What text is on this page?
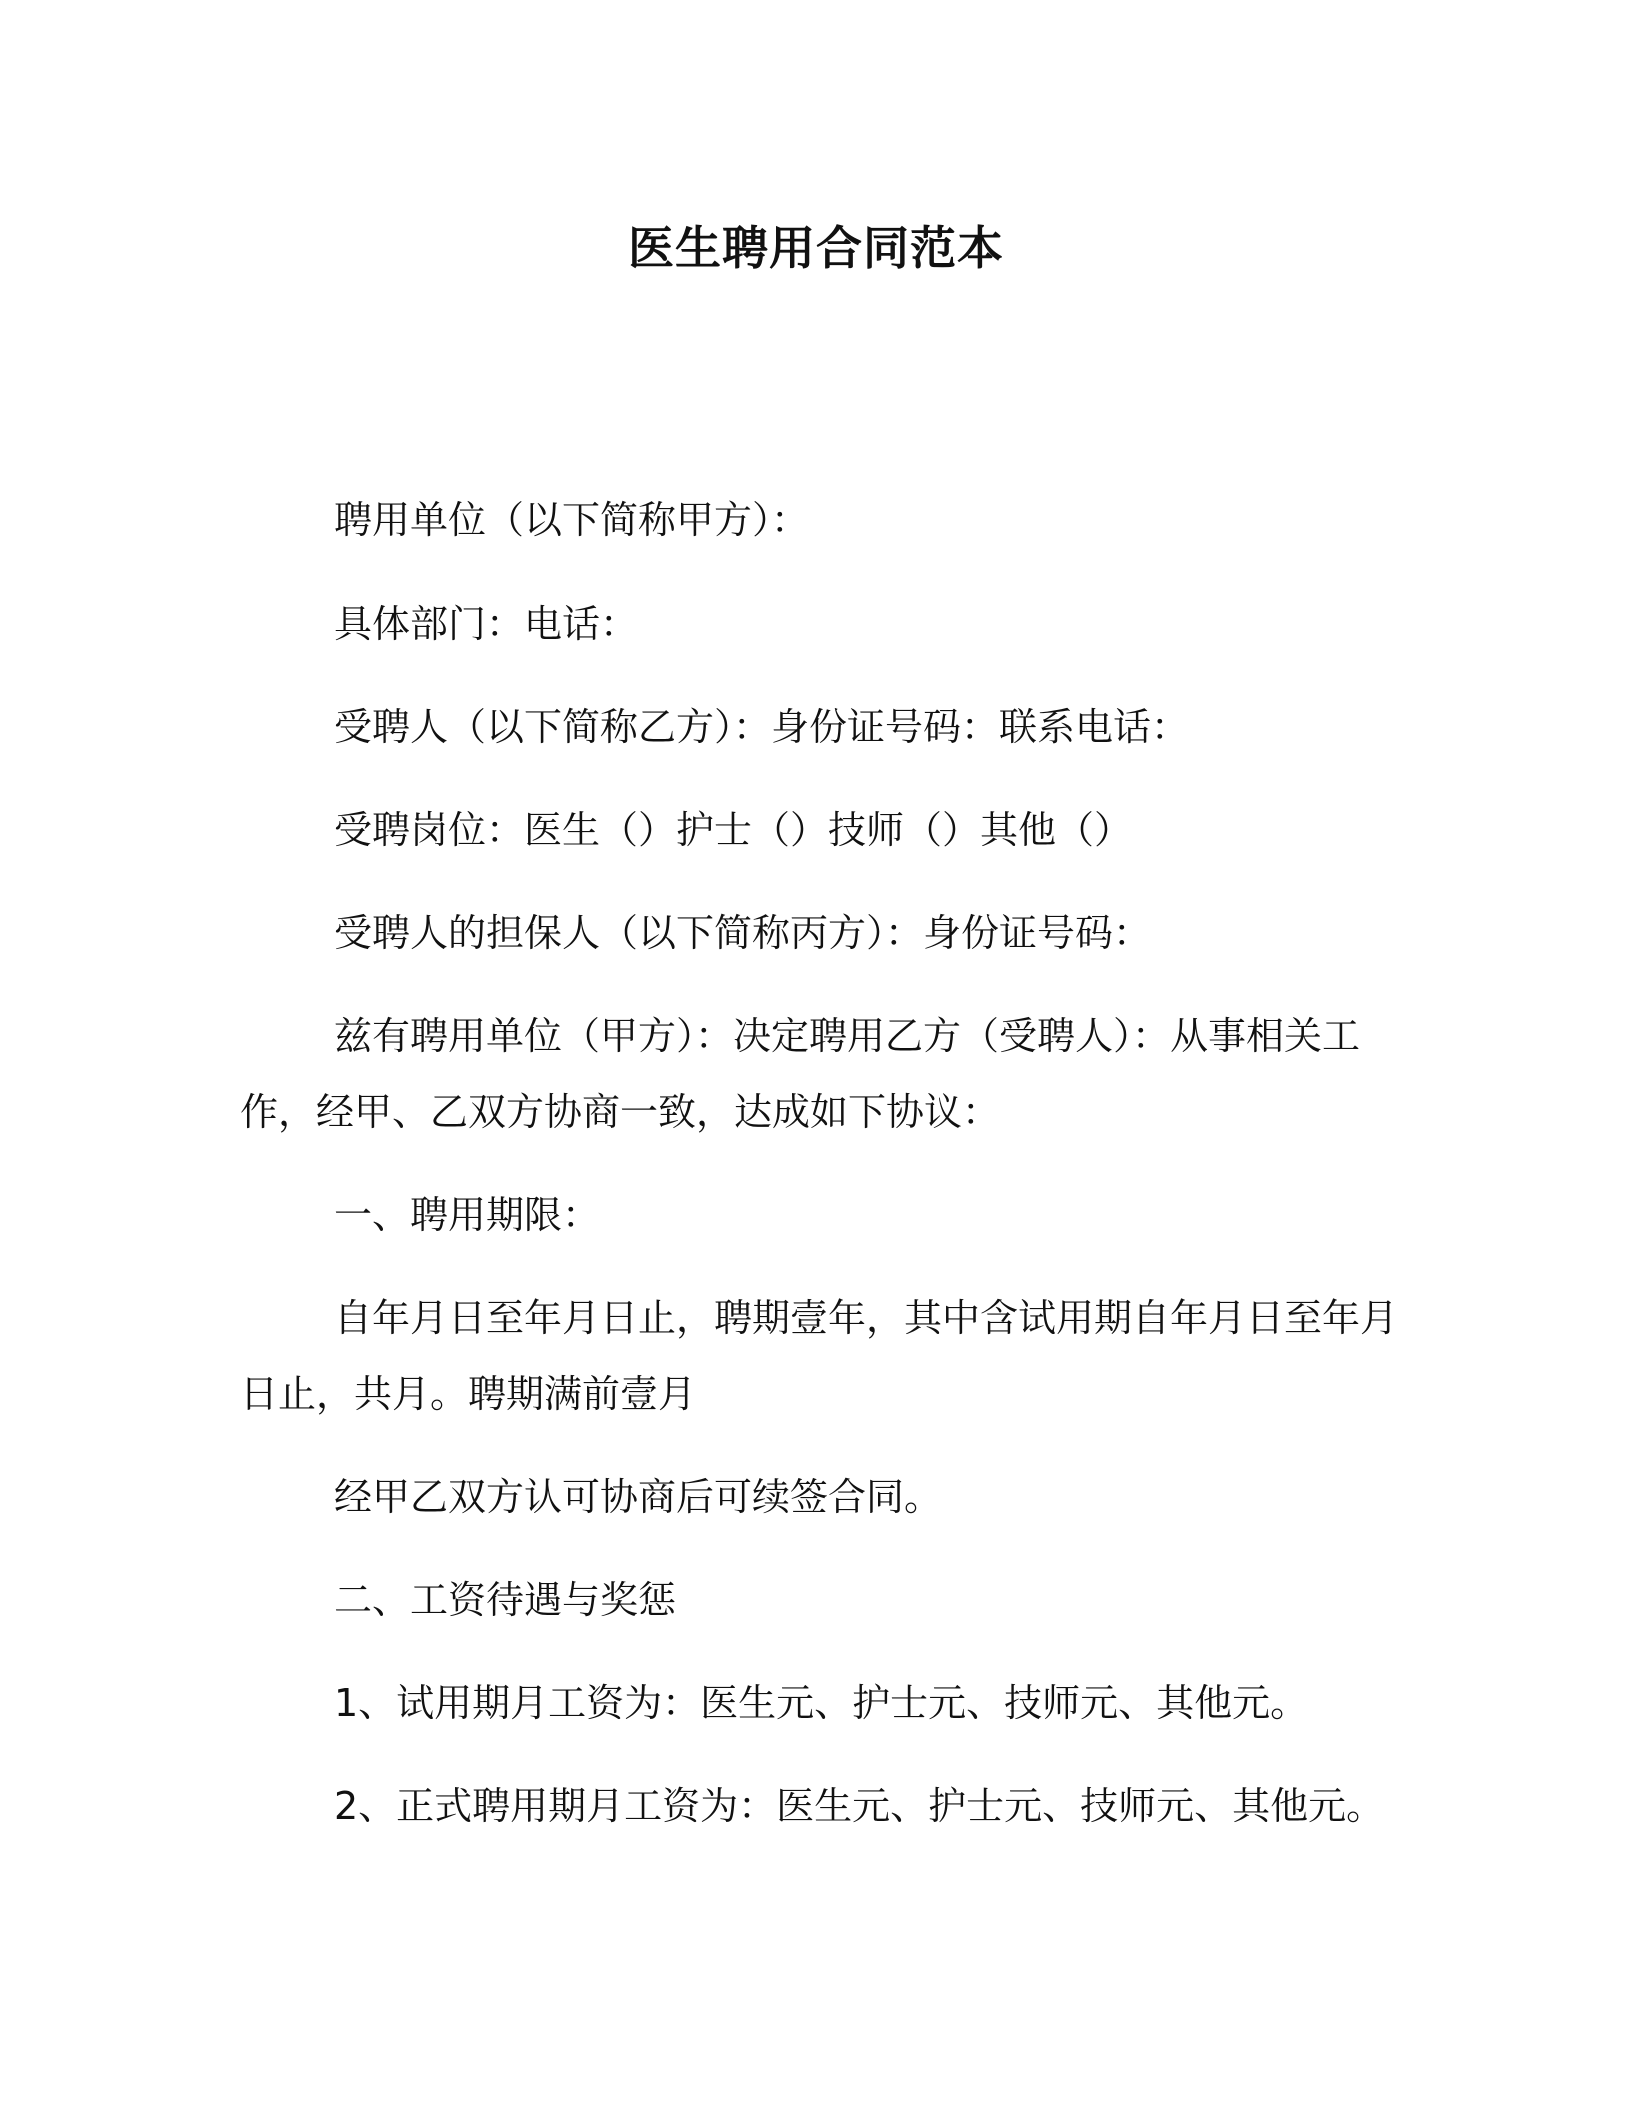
医生聘用合同范本
聘用单位（以下简称甲方）：
具体部门：电话：
受聘人（以下简称乙方）：身份证号码：联系电话：
受聘岗位：医生（）护士（）技师（）其他（）
受聘人的担保人（以下简称丙方）：身份证号码：
兹有聘用单位（甲方）：决定聘用乙方（受聘人）：从事相关工
作，经甲、乙双方协商一致，达成如下协议：
一、聘用期限：
自年月日至年月日止，聘期壹年，其中含试用期自年月日至年月
日止，共月。聘期满前壹月
经甲乙双方认可协商后可续签合同。
二、工资待遇与奖惩
1、试用期月工资为：医生元、护士元、技师元、其他元。
2、正式聘用期月工资为：医生元、护士元、技师元、其他元。
